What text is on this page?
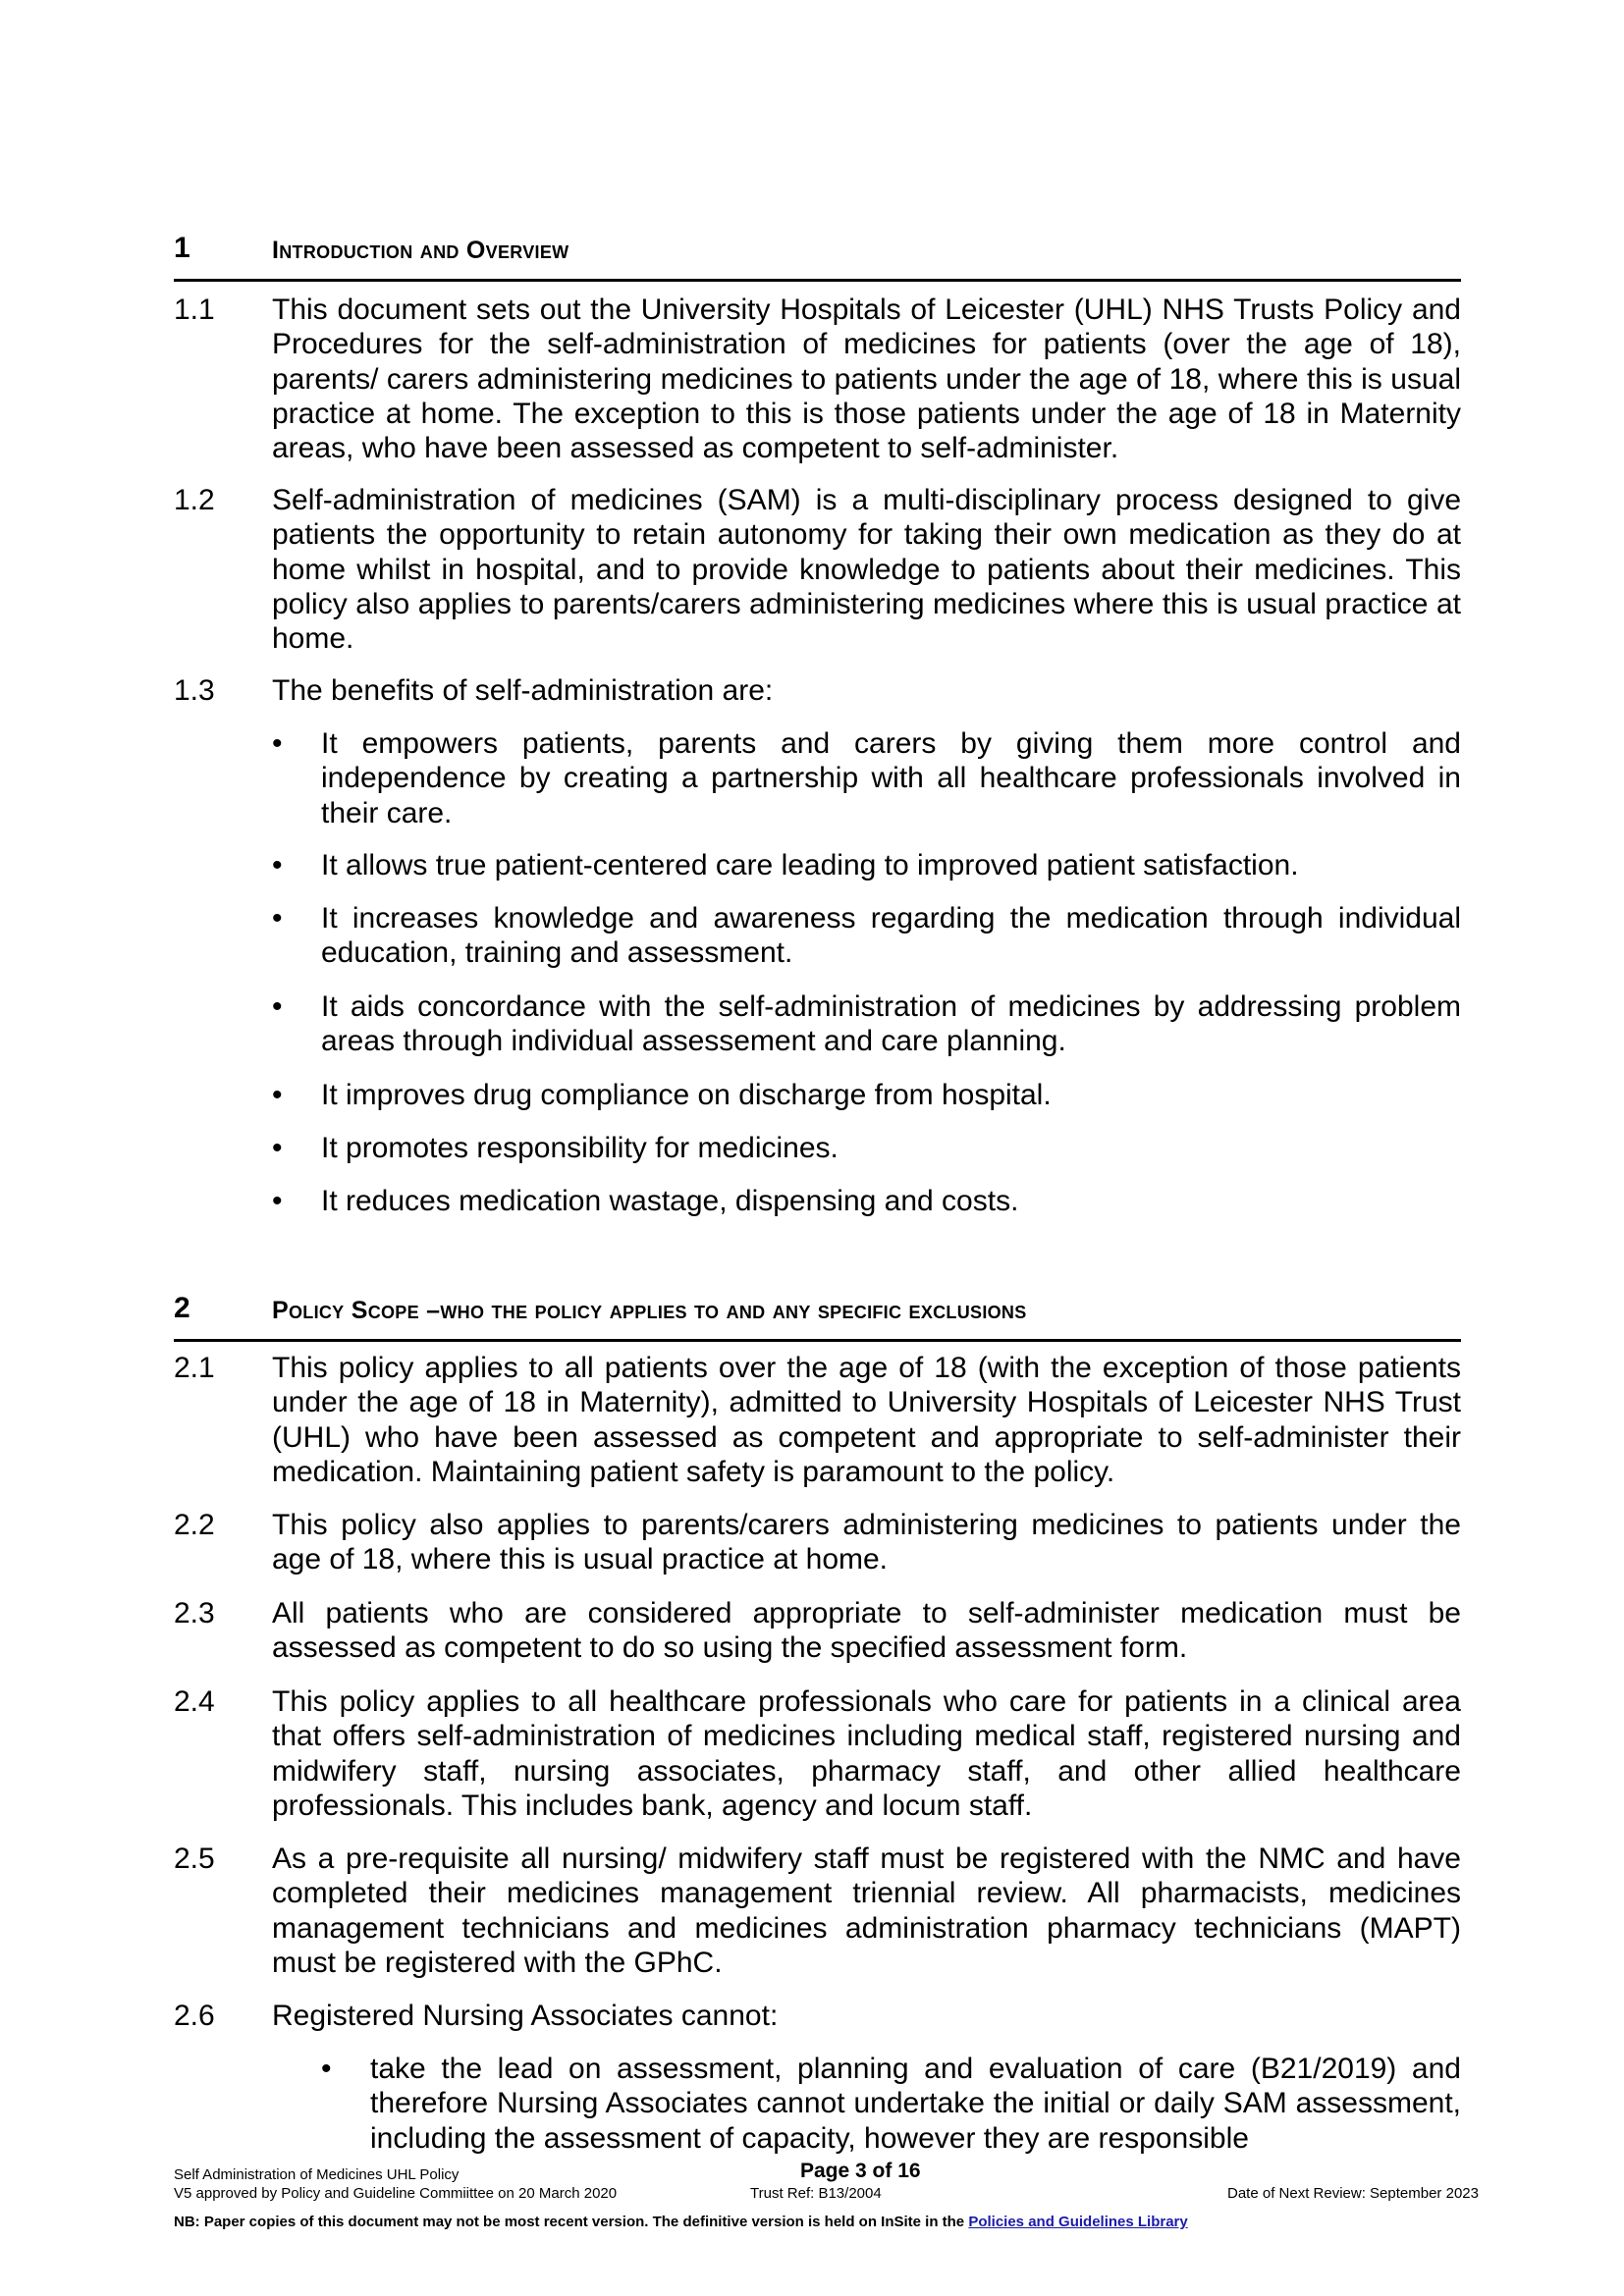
1	Introduction and Overview
1.1 This document sets out the University Hospitals of Leicester (UHL) NHS Trusts Policy and Procedures for the self-administration of medicines for patients (over the age of 18), parents/ carers administering medicines to patients under the age of 18, where this is usual practice at home. The exception to this is those patients under the age of 18 in Maternity areas, who have been assessed as competent to self-administer.
1.2 Self-administration of medicines (SAM) is a multi-disciplinary process designed to give patients the opportunity to retain autonomy for taking their own medication as they do at home whilst in hospital, and to provide knowledge to patients about their medicines. This policy also applies to parents/carers administering medicines where this is usual practice at home.
1.3 The benefits of self-administration are:
• It empowers patients, parents and carers by giving them more control and independence by creating a partnership with all healthcare professionals involved in their care.
• It allows true patient-centered care leading to improved patient satisfaction.
• It increases knowledge and awareness regarding the medication through individual education, training and assessment.
• It aids concordance with the self-administration of medicines by addressing problem areas through individual assessement and care planning.
• It improves drug compliance on discharge from hospital.
• It promotes responsibility for medicines.
• It reduces medication wastage, dispensing and costs.
2	Policy Scope –who the policy applies to and any specific exclusions
2.1 This policy applies to all patients over the age of 18 (with the exception of those patients under the age of 18 in Maternity), admitted to University Hospitals of Leicester NHS Trust (UHL) who have been assessed as competent and appropriate to self-administer their medication. Maintaining patient safety is paramount to the policy.
2.2 This policy also applies to parents/carers administering medicines to patients under the age of 18, where this is usual practice at home.
2.3 All patients who are considered appropriate to self-administer medication must be assessed as competent to do so using the specified assessment form.
2.4 This policy applies to all healthcare professionals who care for patients in a clinical area that offers self-administration of medicines including medical staff, registered nursing and midwifery staff, nursing associates, pharmacy staff, and other allied healthcare professionals. This includes bank, agency and locum staff.
2.5 As a pre-requisite all nursing/ midwifery staff must be registered with the NMC and have completed their medicines management triennial review. All pharmacists, medicines management technicians and medicines administration pharmacy technicians (MAPT) must be registered with the GPhC.
2.6 Registered Nursing Associates cannot:
• take the lead on assessment, planning and evaluation of care (B21/2019) and therefore Nursing Associates cannot undertake the initial or daily SAM assessment, including the assessment of capacity, however they are responsible
Self Administration of Medicines UHL Policy	Page 3 of 16
V5 approved by Policy and Guideline Commiittee on 20 March 2020	Trust Ref: B13/2004	Date of Next Review: September 2023
NB: Paper copies of this document may not be most recent version. The definitive version is held on InSite in the Policies and Guidelines Library
